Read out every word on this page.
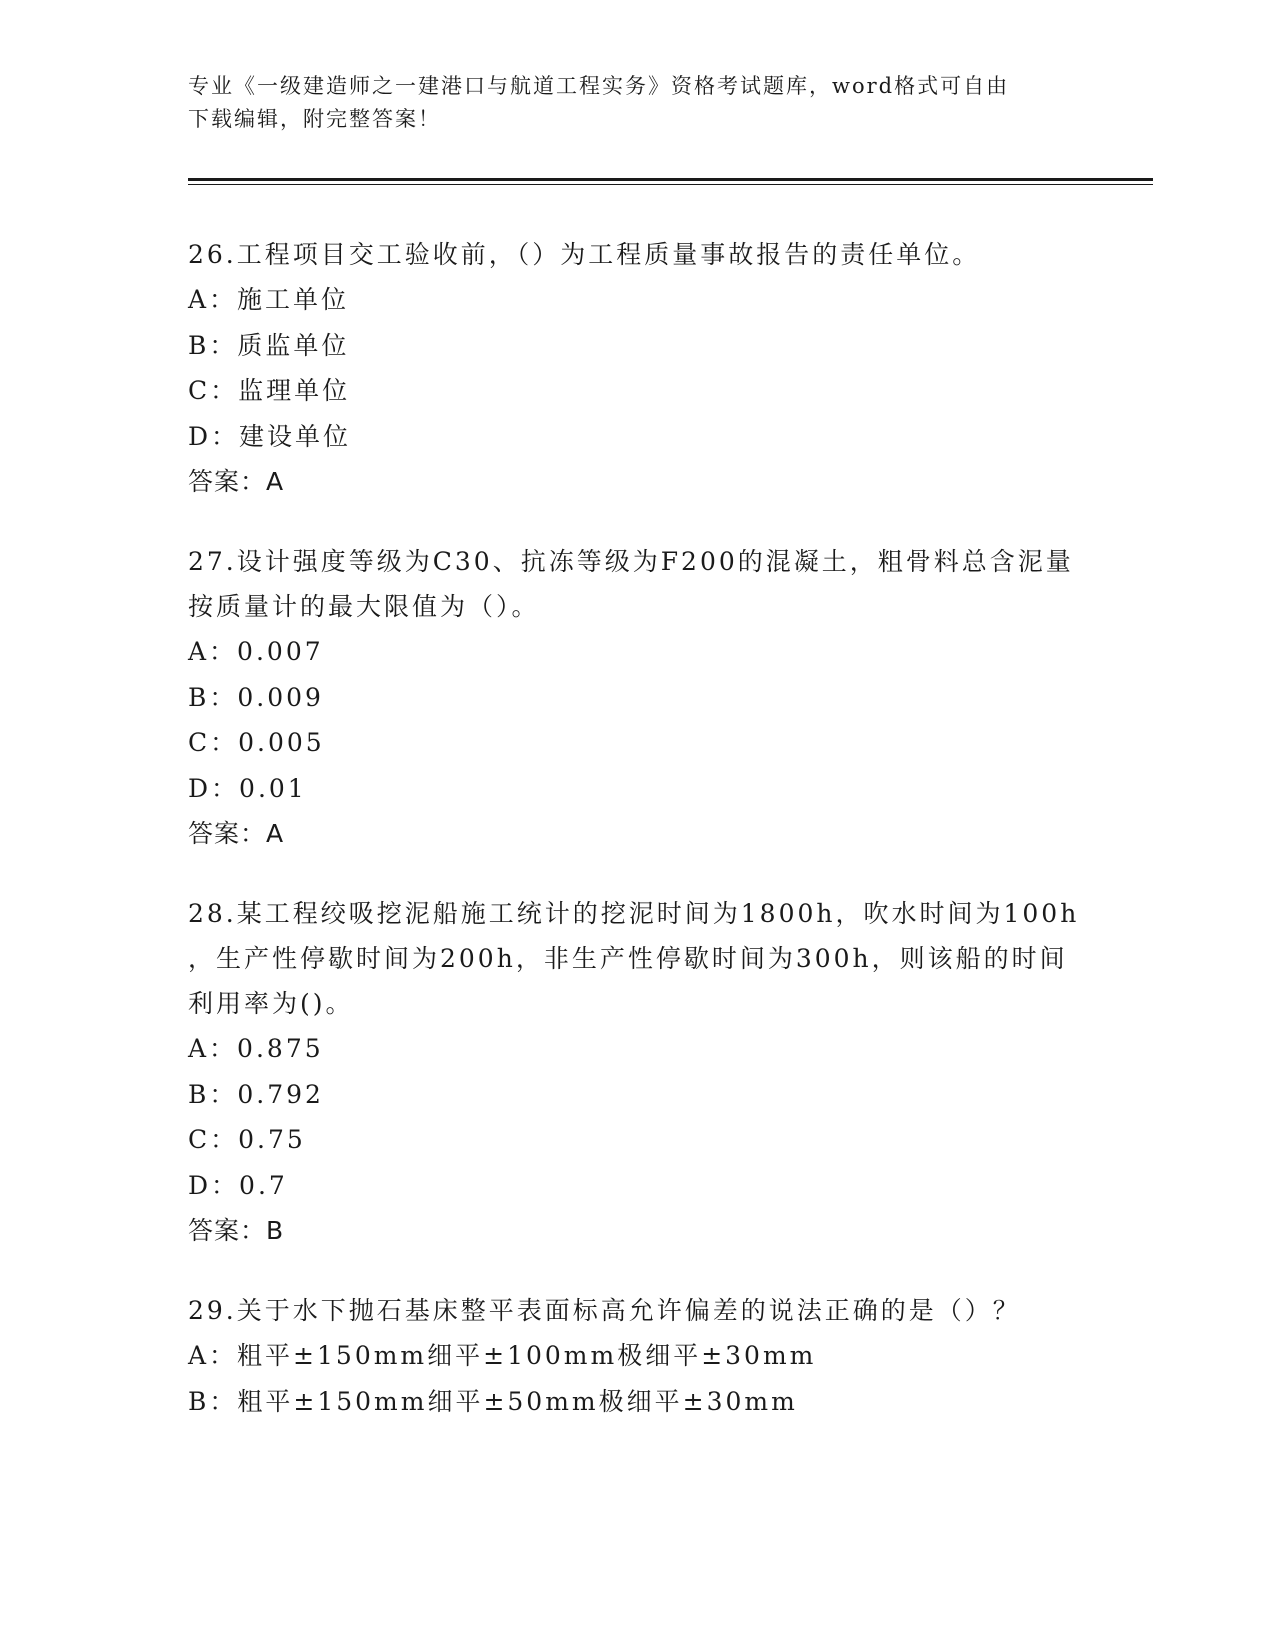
专业《一级建造师之一建港口与航道工程实务》资格考试题库，word格式可自由
下载编辑，附完整答案！
26.工程项目交工验收前，（）为工程质量事故报告的责任单位。
A：施工单位
B：质监单位
C：监理单位
D：建设单位
答案：A
27.设计强度等级为C30、抗冻等级为F200的混凝土，粗骨料总含泥量
按质量计的最大限值为（）。
A：0.007
B：0.009
C：0.005
D：0.01
答案：A
28.某工程绞吸挖泥船施工统计的挖泥时间为1800h，吹水时间为100h
，生产性停歇时间为200h，非生产性停歇时间为300h，则该船的时间
利用率为()。
A：0.875
B：0.792
C：0.75
D：0.7
答案：B
29.关于水下抛石基床整平表面标高允许偏差的说法正确的是（）？
A：粗平±150mm细平±100mm极细平±30mm
B：粗平±150mm细平±50mm极细平±30mm
